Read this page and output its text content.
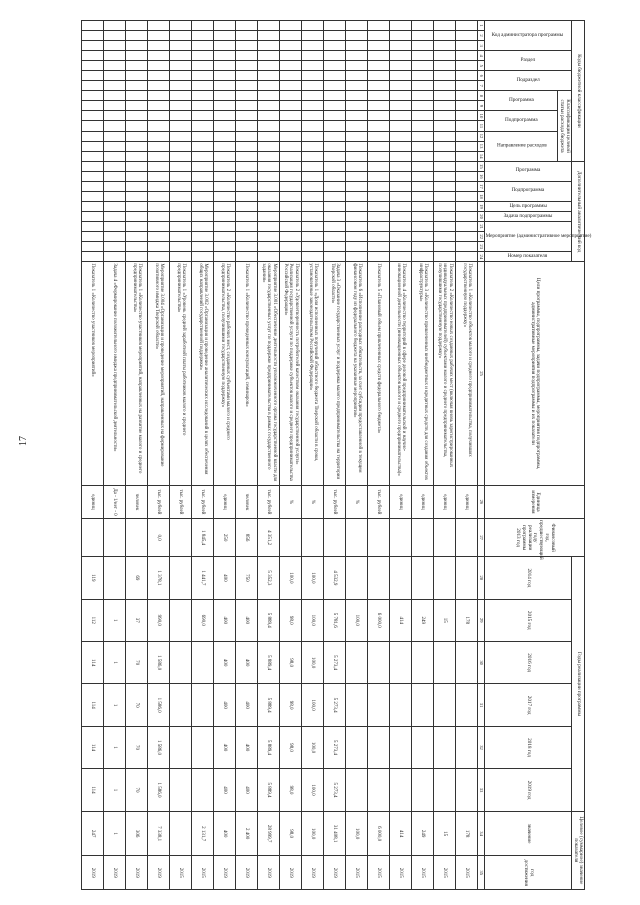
17
Коды бюджетной классификации														Дополнительный аналитический код										Цели программы, подпрограммы, задачи подпрограммы, мероприятия подпрограммы, административные мероприятия подпрограммы и их показатели	Единица измерения	Финансовый год, предшествующий году реализации программы 2013 год	Годы реализации программы						Целевое (суммарное) значение показателя	
Код администратора программы			Раздел		Подраздел		Классификация целевой статьи расхода бюджета							Программа		Подпрограмма		Цель программы	Задача подпрограммы	Мероприятие (административное мероприятие)			Номер показателя				2014 год	2015 год	2016 год	2017 год	2018 год	2019 год	значение	год достижения
							Программа		Подпрограмма		Направление расходов																							
1	2	3	4	5	6	7	8	9	10	11	12	13	14	15	16	17	18	19	20	21	22	23	24	25	26	27	28	29	30	31	32	33	34	35
																								Показатель 1 «Количество объектов малого и среднего предпринимательства, получивших государственную поддержку»	единиц			178					178	2015
																								Показатель 2 «Количество новых созданных рабочих мест (включая вновь зарегистрированных индивидуальных предпринимателей) субъектами малого и среднего предпринимательства, получившими государственную поддержку»	единиц			15					15	2015
																								Показатель 3 «Количество привлеченных внебюджетных и кредитных средств для создания объектов инфраструктуры»	единиц			249					249	2015
																								Показатель 4 «Количество территорий в сфере деловой предпринимательской и научно-инновационной деятельности (инновационных объектов малого и среднего предпринимательства)»	единиц			414					414	2015
																								Показатель 5 «Плановый объем привлеченных средств федерального бюджета»	тыс. рублей			6 000,0					6 000,0	2015
																								Показатель 6 «Исполнение расходных обязательств, за счет субсидии предоставленной в текущем финансовом году из федерального бюджета на указанные мероприятия»	%			100,0					100,0	2015
																								Задача 3 «Оказание государственных услуг и поддержка малого предпринимательства на территории Тверской области»	тыс. рублей		4 532,9	5 781,6	5 273,4	5 273,4	5 273,4	5 273,4	31 408,1	2019
																								Показатель 1 «Доля исполненных поручений областного бюджета Тверской области в сроки, установленные законодательством Российской Федерации»	%		100,0	100,0	100,0	100,0	100,0	100,0	100,0	2019
																								Показатель 2 «Удовлетворенность потребителей качеством оказания государственной услуги» Реализация государственной услуги по поддержке субъектов малого и среднего предпринимательства Российской Федерации»	%		100,0	98,0	98,0	98,0	98,0	98,0	98,0	2019
																								Мероприятие 3.001 «Обеспечение деятельности уполномоченного органа государственной власти для оказания государственных услуг по поддержке предпринимательства в рамках государственного задания»	тыс. рублей	4 351,2	5 352,3	5 889,4	5 889,4	5 889,4	5 889,4	5 889,4	28 999,7	2019
																								Показатель 1 «Количество проведенных консультаций, семинаров»	человек	856	750	400	400	400	400	400	2 400	2019
																								Показатель 2 «Количество рабочих мест, созданных субъектами малого и среднего предпринимательства, получившими государственную поддержку»	единиц	250	400	400	400	400	400	400	400	2019
																								Мероприятие 3.002 «Организация и проведение аналитических исследований в целях обеспечения общих направлений государственной поддержки»	тыс. рублей	1 845,4	1 441,7	690,0					2 131,7	2015
																								Показатель 1 «Уровень средней заработной платы работников малого и среднего предпринимательства»	тыс. рублей									2015
																								Мероприятие 3.004 «Организация и проведение мероприятий, направленных на формирование позитивного имиджа Тверской области»	тыс. рублей	0,0	1 378,1	990,0	1 586,0	1 586,0	1 586,0	1 586,0	7 338,1	2019
																								Показатель 1 «Количество участников мероприятий, направленных на развитие малого и среднего предпринимательства»	человек		69	37	70	70	70	70	306	2019
																								Задача 4 «Формирование положительного имиджа предпринимательской деятельности»	Да - 1/нет - 0			1	1	1	1	1	1	2019
																								Показатель 1 «Количество участников мероприятий»	единиц		119	112	114	114	114	114	247	2019
